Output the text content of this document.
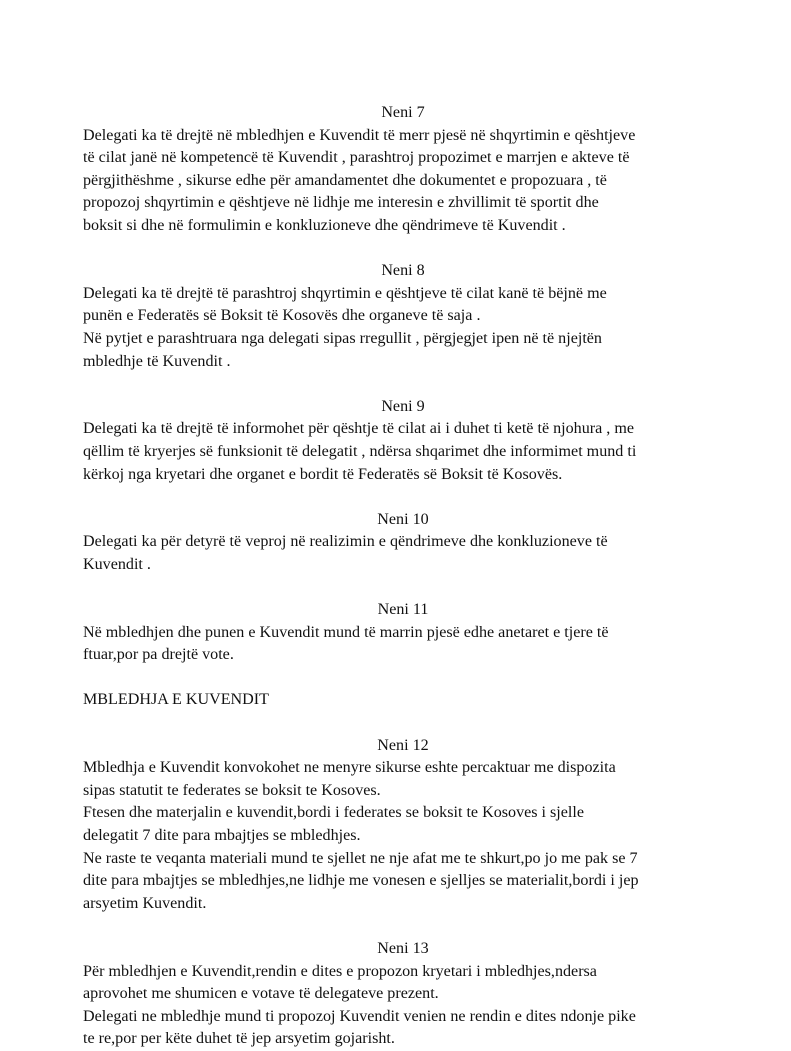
Neni 7

Delegati ka të drejtë në mbledhjen e Kuvendit të merr pjesë në shqyrtimin e qështjeve
të cilat janë në kompetencë të Kuvendit , parashtroj propozimet e marrjen e akteve të
përgjithëshme , sikurse edhe për amandamentet dhe dokumentet e propozuara , të
propozoj shqyrtimin e qështjeve në lidhje me interesin e zhvillimit të sportit dhe
boksit si dhe në formulimin e konkluzioneve dhe qëndrimeve të Kuvendit .

Neni 8

Delegati ka të drejtë të parashtroj shqyrtimin e qështjeve të cilat kanë të bëjnë me
punën e Federatës së Boksit të Kosovës dhe organeve të saja .

Në pytjet e parashtruara nga delegati sipas rregullit , përgjegjet ipen në të njejtën
mbledhje të Kuvendit .

Neni 9

Delegati ka të drejtë të informohet për qështje të cilat ai i duhet ti ketë të njohura , me
qëllim të kryerjes së funksionit të delegatit , ndërsa shqarimet dhe informimet mund ti
kërkoj nga kryetari dhe organet e bordit të Federatës së Boksit të Kosovës.

Neni 10

Delegati ka për detyrë të veproj në realizimin e qëndrimeve dhe konkluzioneve të
Kuvendit .

Neni 11

Në mbledhjen dhe punen e Kuvendit mund të marrin pjesë edhe anetaret e tjere të
ftuar,por pa drejtë vote.

MBLEDHJA E KUVENDIT
Neni 12

Mbledhja e Kuvendit konvokohet ne menyre sikurse eshte percaktuar me dispozita
sipas statutit te federates se boksit te Kosoves.

Ftesen dhe materjalin e kuvendit,bordi i federates se boksit te Kosoves i sjelle
delegatit 7 dite para mbajtjes se mbledhjes.

Ne raste te veqanta materiali mund te sjellet ne nje afat me te shkurt,po jo me pak se 7
dite para mbajtjes se mbledhjes,ne lidhje me vonesen e sjelljes se materialit,bordi i jep
arsyetim Kuvendit.

Neni 13

Për mbledhjen e Kuvendit,rendin e dites e propozon kryetari i mbledhjes,ndersa
aprovohet me shumicen e votave të delegateve prezent.

Delegati ne mbledhje mund ti propozoj Kuvendit venien ne rendin e dites ndonje pike
te re,por per këte duhet të jep arsyetim gojarisht.
